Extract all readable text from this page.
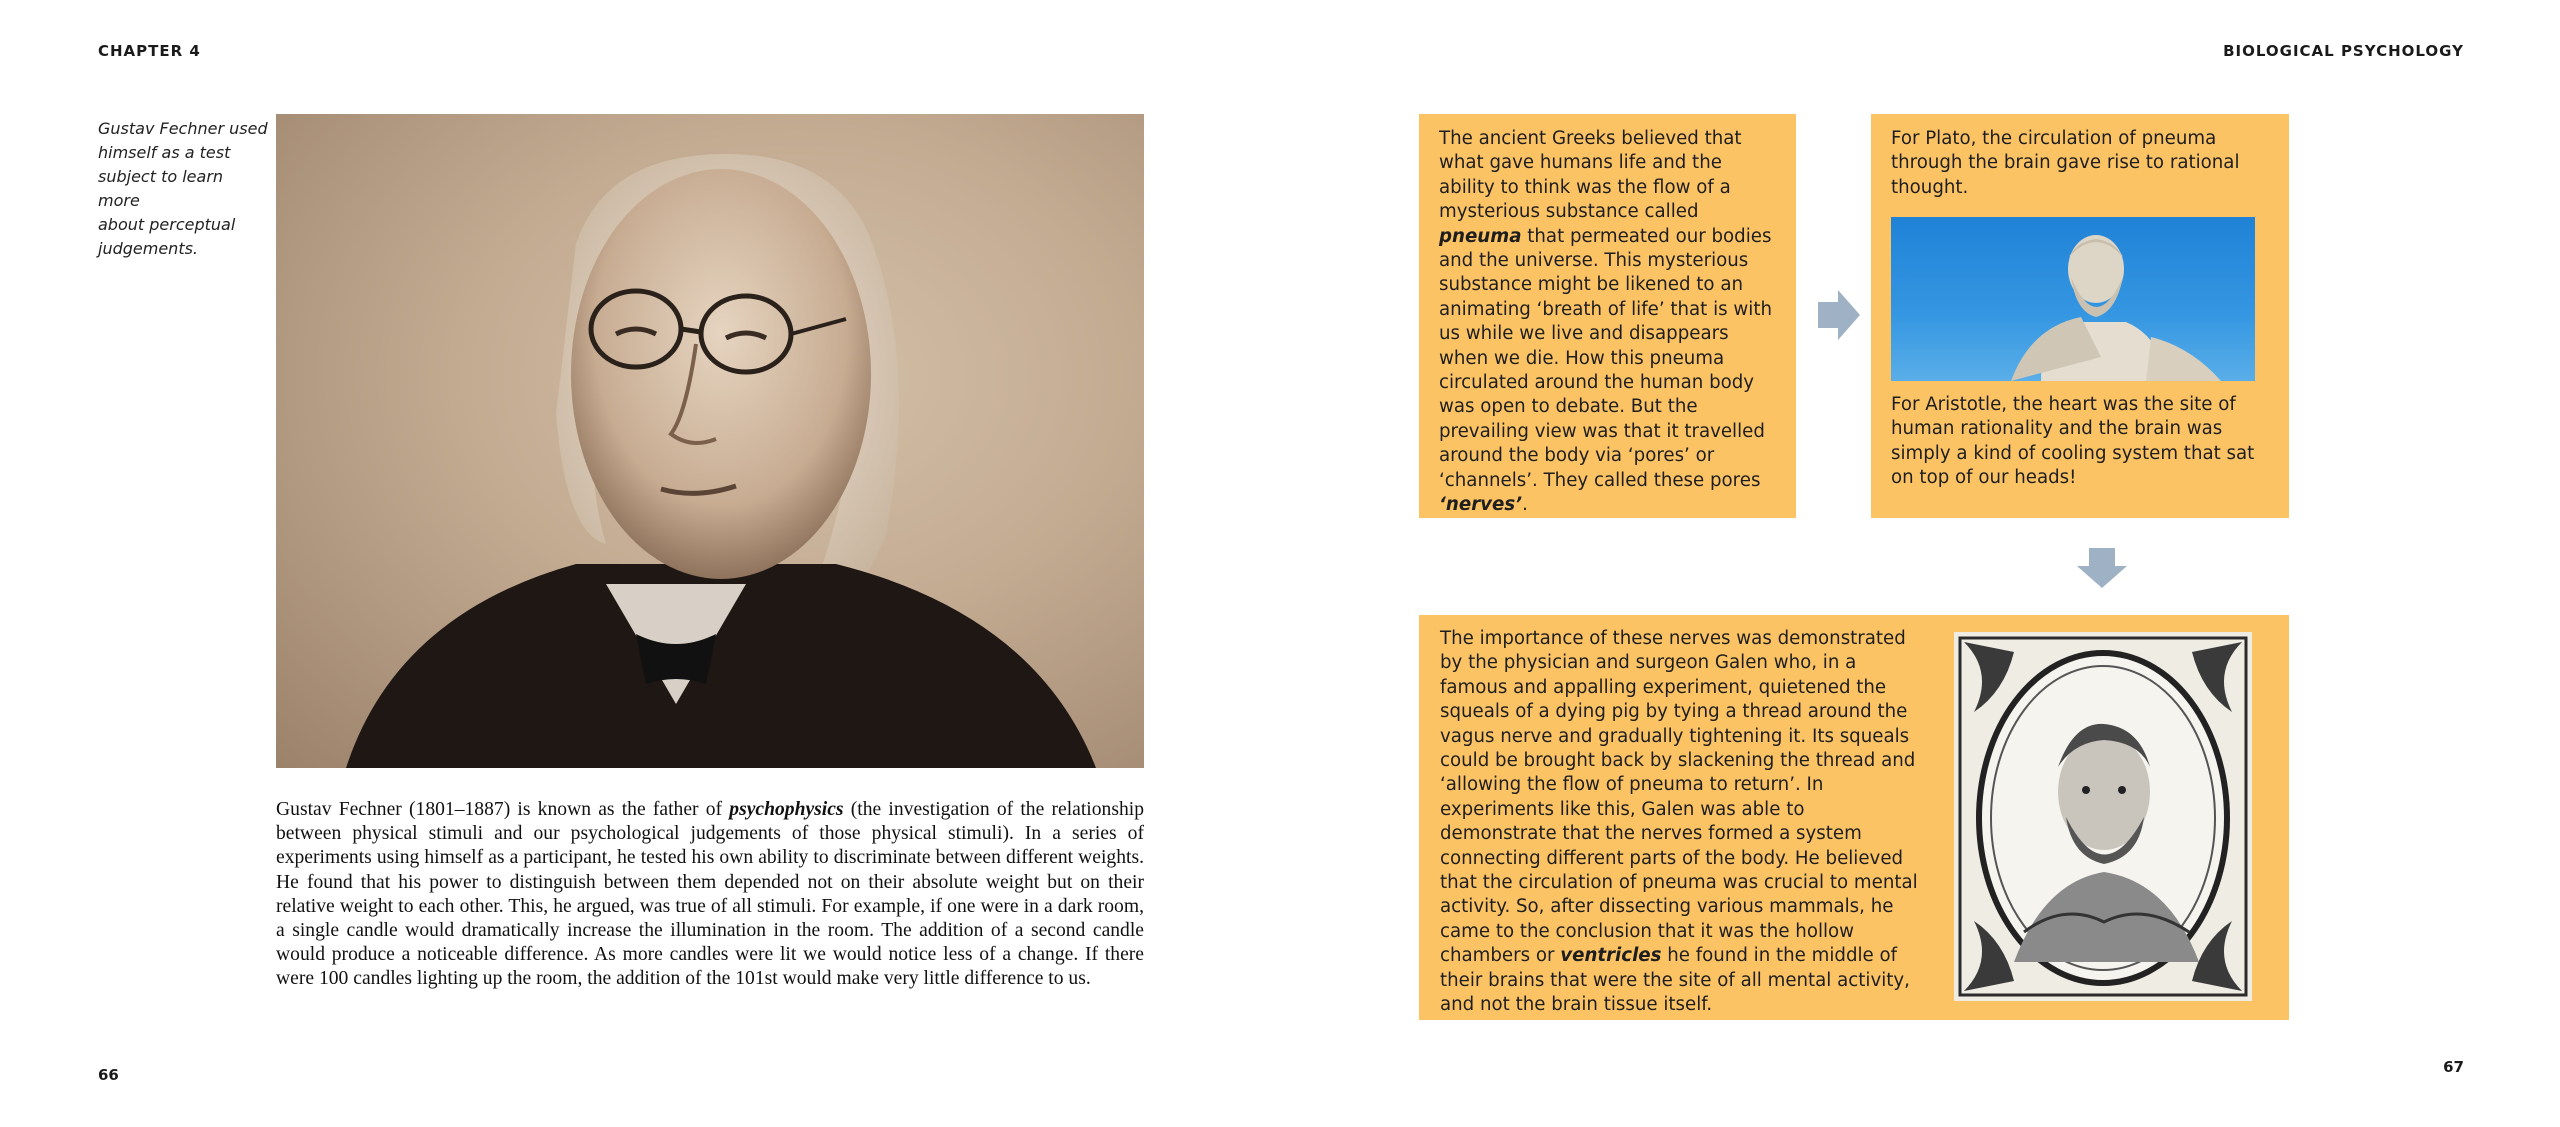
CHAPTER 4	BIOLOGICAL PSYCHOLOGY
Gustav Fechner used
himself as a test
subject to learn more
about perceptual
judgements.
Gustav Fechner (1801–1887) is known as the father of psychophysics (the investigation of the relationship between physical stimuli and our psychological judgements of those physical stimuli). In a series of experiments using himself as a participant, he tested his own ability to discriminate between different weights. He found that his power to distinguish between them depended not on their absolute weight but on their relative weight to each other. This, he argued, was true of all stimuli. For example, if one were in a dark room, a single candle would dramatically increase the illumination in the room. The addition of a second candle would produce a noticeable difference. As more candles were lit we would notice less of a change. If there were 100 candles lighting up the room, the addition of the 101st would make very little difference to us.
66
The ancient Greeks believed that what gave humans life and the ability to think was the flow of a mysterious substance called pneuma that permeated our bodies and the universe. This mysterious substance might be likened to an animating ‘breath of life’ that is with us while we live and disappears when we die. How this pneuma circulated around the human body was open to debate. But the prevailing view was that it travelled around the body via ‘pores’ or ‘channels’. They called these pores ‘nerves’.
For Plato, the circulation of pneuma through the brain gave rise to rational thought.
For Aristotle, the heart was the site of human rationality and the brain was simply a kind of cooling system that sat on top of our heads!
The importance of these nerves was demonstrated by the physician and surgeon Galen who, in a famous and appalling experiment, quietened the squeals of a dying pig by tying a thread around the vagus nerve and gradually tightening it. Its squeals could be brought back by slackening the thread and ‘allowing the flow of pneuma to return’. In experiments like this, Galen was able to demonstrate that the nerves formed a system connecting different parts of the body. He believed that the circulation of pneuma was crucial to mental activity. So, after dissecting various mammals, he came to the conclusion that it was the hollow chambers or ventricles he found in the middle of their brains that were the site of all mental activity, and not the brain tissue itself.
67
